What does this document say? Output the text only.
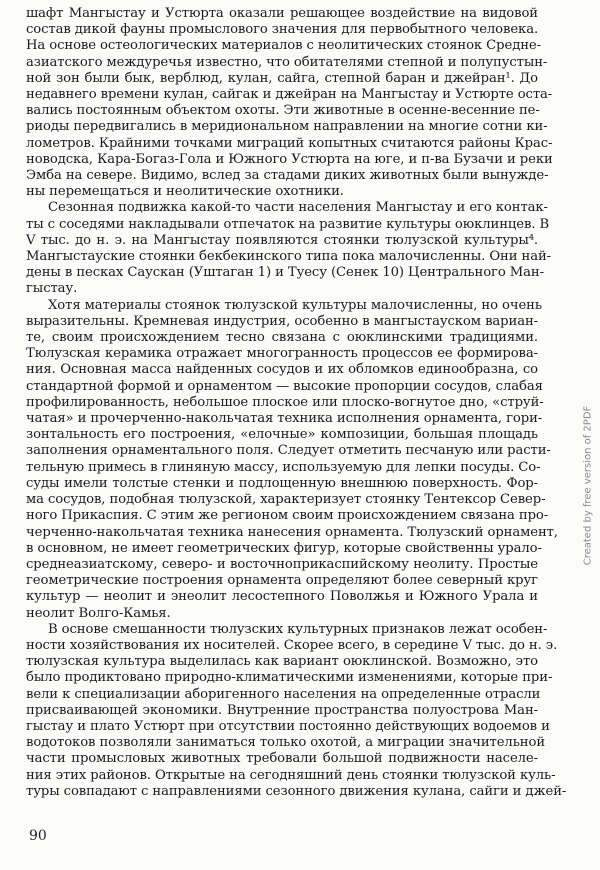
шафт Мангыстау и Устюрта оказали решающее воздействие на видовой
состав дикой фауны промыслового значения для первобытного человека.
На основе остеологических материалов с неолитических стоянок Средне-
азиатского междуречья известно, что обитателями степной и полупустын-
ной зон были бык, верблюд, кулан, сайга, степной баран и джейран¹. До
недавнего времени кулан, сайгак и джейран на Мангыстау и Устюрте оста-
вались постоянным объектом охоты. Эти животные в осенне-весенние пе-
риоды передвигались в меридиональном направлении на многие сотни ки-
лометров. Крайними точками миграций копытных считаются районы Крас-
новодска, Кара-Богаз-Гола и Южного Устюрта на юге, и п-ва Бузачи и реки
Эмба на севере. Видимо, вслед за стадами диких животных были вынужде-
ны перемещаться и неолитические охотники.
Сезонная подвижка какой-то части населения Мангыстау и его контак-
ты с соседями накладывали отпечаток на развитие культуры оюклинцев. В
V тыс. до н. э. на Мангыстау появляются стоянки тюлузской культуры⁴.
Мангыстауские стоянки бекбекинского типа пока малочисленны. Они най-
дены в песках Саускан (Уштаган 1) и Туесу (Сенек 10) Центрального Ман-
гыстау.
Хотя материалы стоянок тюлузской культуры малочисленны, но очень
выразительны. Кремневая индустрия, особенно в мангыстауском вариан-
те, своим происхождением тесно связана с оюклинскими традициями.
Тюлузская керамика отражает многогранность процессов ее формирова-
ния. Основная масса найденных сосудов и их обломков единообразна, со
стандартной формой и орнаментом — высокие пропорции сосудов, слабая
профилированность, небольшое плоское или плоско-вогнутое дно, «струй-
чатая» и прочерченно-накольчатая техника исполнения орнамента, гори-
зонтальность его построения, «елочные» композиции, большая площадь
заполнения орнаментального поля. Следует отметить песчаную или расти-
тельную примесь в глиняную массу, используемую для лепки посуды. Со-
суды имели толстые стенки и подлощенную внешнюю поверхность. Фор-
ма сосудов, подобная тюлузской, характеризует стоянку Тентексор Север-
ного Прикаспия. С этим же регионом своим происхождением связана про-
черченно-накольчатая техника нанесения орнамента. Тюлузский орнамент,
в основном, не имеет геометрических фигур, которые свойственны урало-
среднеазиатскому, северо- и восточноприкаспийскому неолиту. Простые
геометрические построения орнамента определяют более северный круг
культур — неолит и энеолит лесостепного Поволжья и Южного Урала и
неолит Волго-Камья.
В основе смешанности тюлузских культурных признаков лежат особен-
ности хозяйствования их носителей. Скорее всего, в середине V тыс. до н. э.
тюлузская культура выделилась как вариант оюклинской. Возможно, это
было продиктовано природно-климатическими изменениями, которые при-
вели к специализации аборигенного населения на определенные отрасли
присваивающей экономики. Внутренние пространства полуострова Ман-
гыстау и плато Устюрт при отсутствии постоянно действующих водоемов и
водотоков позволяли заниматься только охотой, а миграции значительной
части промысловых животных требовали большой подвижности населе-
ния этих районов. Открытые на сегодняшний день стоянки тюлузской куль-
туры совпадают с направлениями сезонного движения кулана, сайги и джей-
90
Created by free version of 2PDF
